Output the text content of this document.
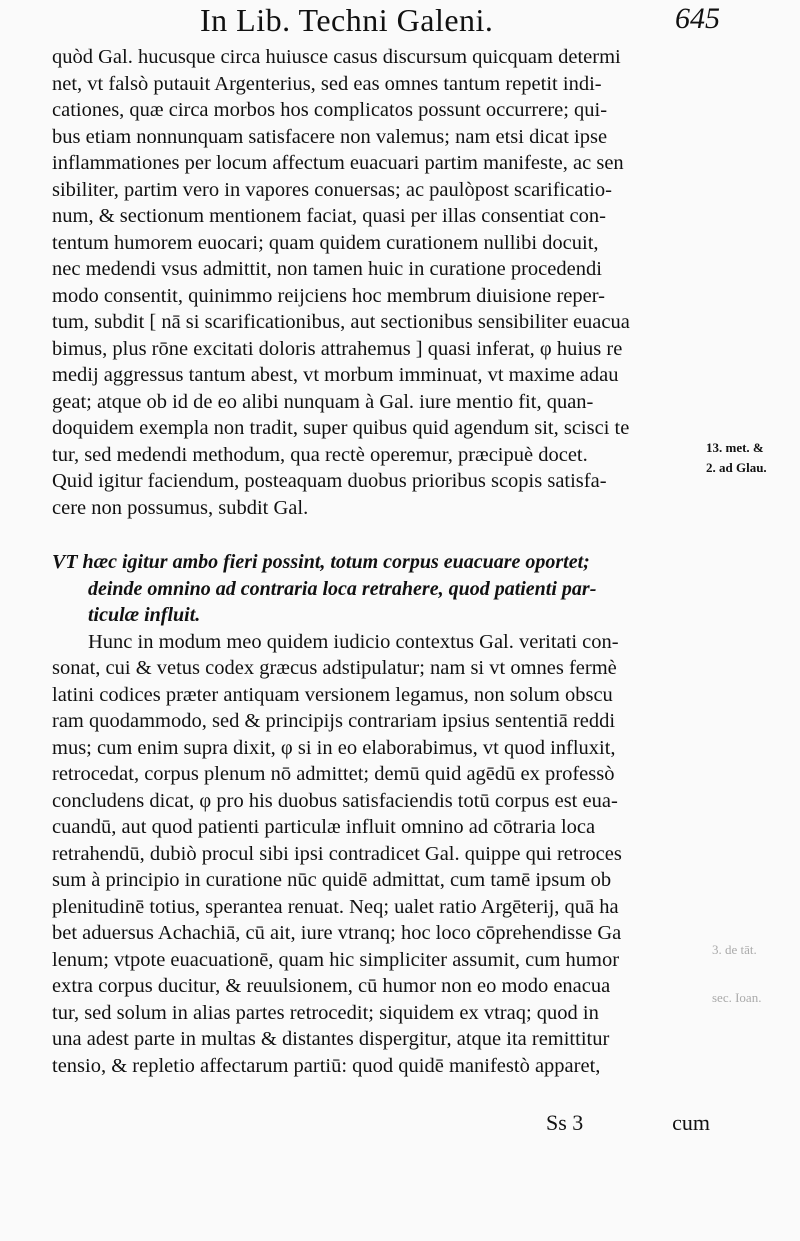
In Lib. Techni Galeni.	645
quòd Gal. hucusque circa huiusce casus discursum quicquam determi
net, vt falsò putauit Argenterius, sed eas omnes tantum repetit indi-
cationes, quæ circa morbos hos complicatos possunt occurrere; qui-
bus etiam nonnunquam satisfacere non valemus; nam etsi dicat ipse
inflammationes per locum affectum euacuari partim manifeste, ac sen
sibiliter, partim vero in vapores conuersas; ac paulòpost scarificatio-
num, & sectionum mentionem faciat, quasi per illas consentiat con-
tentum humorem euocari; quam quidem curationem nullibi docuit,
nec medendi vsus admittit, non tamen huic in curatione procedendi
modo consentit, quinimmo reijciens hoc membrum diuisione reper-
tum, subdit [ nā si scarificationibus, aut sectionibus sensibiliter euacua
bimus, plus rōne excitati doloris attrahemus ] quasi inferat, φ huius re
medij aggressus tantum abest, vt morbum imminuat, vt maxime adau
geat; atque ob id de eo alibi nunquam à Gal. iure mentio fit, quan-
doquidem exempla non tradit, super quibus quid agendum sit, scisci te
tur, sed medendi methodum, qua rectè operemur, præcipuè docet.
Quid igitur faciendum, posteaquam duobus prioribus scopis satisfa-
cere non possumus, subdit Gal.
VT hæc igitur ambo fieri possint, totum corpus euacuare oportet;
deinde omnino ad contraria loca retrahere, quod patienti par-
ticulæ influit.
Hunc in modum meo quidem iudicio contextus Gal. veritati con-
sonat, cui & vetus codex græcus adstipulatur; nam si vt omnes fermè
latini codices præter antiquam versionem legamus, non solum obscu
ram quodammodo, sed & principijs contrariam ipsius sententiā reddi
mus; cum enim supra dixit, φ si in eo elaborabimus, vt quod influxit,
retrocedat, corpus plenum nō admittet; demū quid agēdū ex professò
concludens dicat, φ pro his duobus satisfaciendis totū corpus est eua-
cuandū, aut quod patienti particulæ influit omnino ad cōtraria loca
retrahendū, dubiò procul sibi ipsi contradicet Gal. quippe qui retroces
sum à principio in curatione nūc quidē admittat, cum tamē ipsum ob
plenitudinē totius, sperantea renuat. Neq; ualet ratio Argēterij, quā ha
bet aduersus Achachiā, cū ait, iure vtranq; hoc loco cōprehendisse Ga
lenum; vtpote euacuationē, quam hic simpliciter assumit, cum humor
extra corpus ducitur, & reuulsionem, cū humor non eo modo enacua
tur, sed solum in alias partes retrocedit; siquidem ex vtraq; quod in
una adest parte in multas & distantes dispergitur, atque ita remittitur
tensio, & repletio affectarum partiū: quod quidē manifestò apparet,
13. met. &
2. ad Glau.
3. de tāt.
sec. Ioan.
Ss 3	cum
